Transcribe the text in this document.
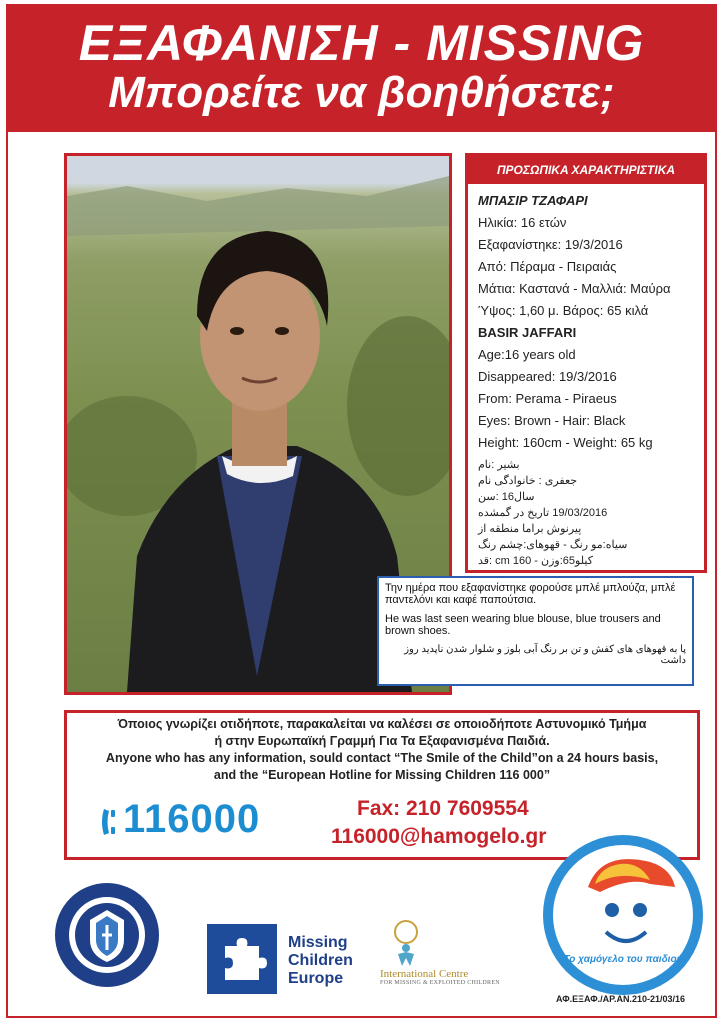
ΕΞΑΦΑΝΙΣΗ - MISSING
Μπορείτε να βοηθήσετε;
ΠΡΟΣΩΠΙΚΑ ΧΑΡΑΚΤΗΡΙΣΤΙΚΑ
ΜΠΑΣΙΡ ΤΖΑΦΑΡΙ
Ηλικία: 16 ετών
Εξαφανίστηκε: 19/3/2016
Από: Πέραμα - Πειραιάς
Μάτια: Καστανά - Μαλλιά: Μαύρα
Ύψος: 1,60 μ. Βάρος: 65 κιλά
BASIR JAFFARI
Age:16 years old
Disappeared: 19/3/2016
From: Perama - Piraeus
Eyes: Brown - Hair: Black
Height: 160cm - Weight: 65 kg
بشیر :نام
جعفری : خانوادگی نام
سال16 :سن
19/03/2016 تاریخ در گمشده
پیرنوش براما منطقه از
سیاه:مو رنگ - قهوهای:چشم رنگ
کیلو65:وزن - 160 cm :قد

Την ημέρα που εξαφανίστηκε φορούσε μπλέ μπλούζα, μπλέ παντελόνι και καφέ παπούτσια.

He was last seen wearing blue blouse, blue trousers and brown shoes.

پا به قهوهای های کفش و تن بر رنگ آبی بلوز و شلوار شدن ناپدید روز داشت

Όποιος γνωρίζει οτιδήποτε, παρακαλείται να καλέσει σε οποιοδήποτε Αστυνομικό Τμήμα
ή στην Ευρωπαϊκή Γραμμή Για Τα Εξαφανισμένα Παιδιά.
Anyone who has any information, sould contact “The Smile of the Child”on a 24 hours basis,
and the “European Hotline for Missing Children 116 000”
116000	Fax: 210 7609554
116000@hamogelo.gr
Missing
Children
Europe	International Centre
FOR MISSING & EXPLOITED CHILDREN
Το χαμόγελο του παιδιού
ΑΦ.ΕΞΑΦ./ΑΡ.ΑΝ.210-21/03/16
